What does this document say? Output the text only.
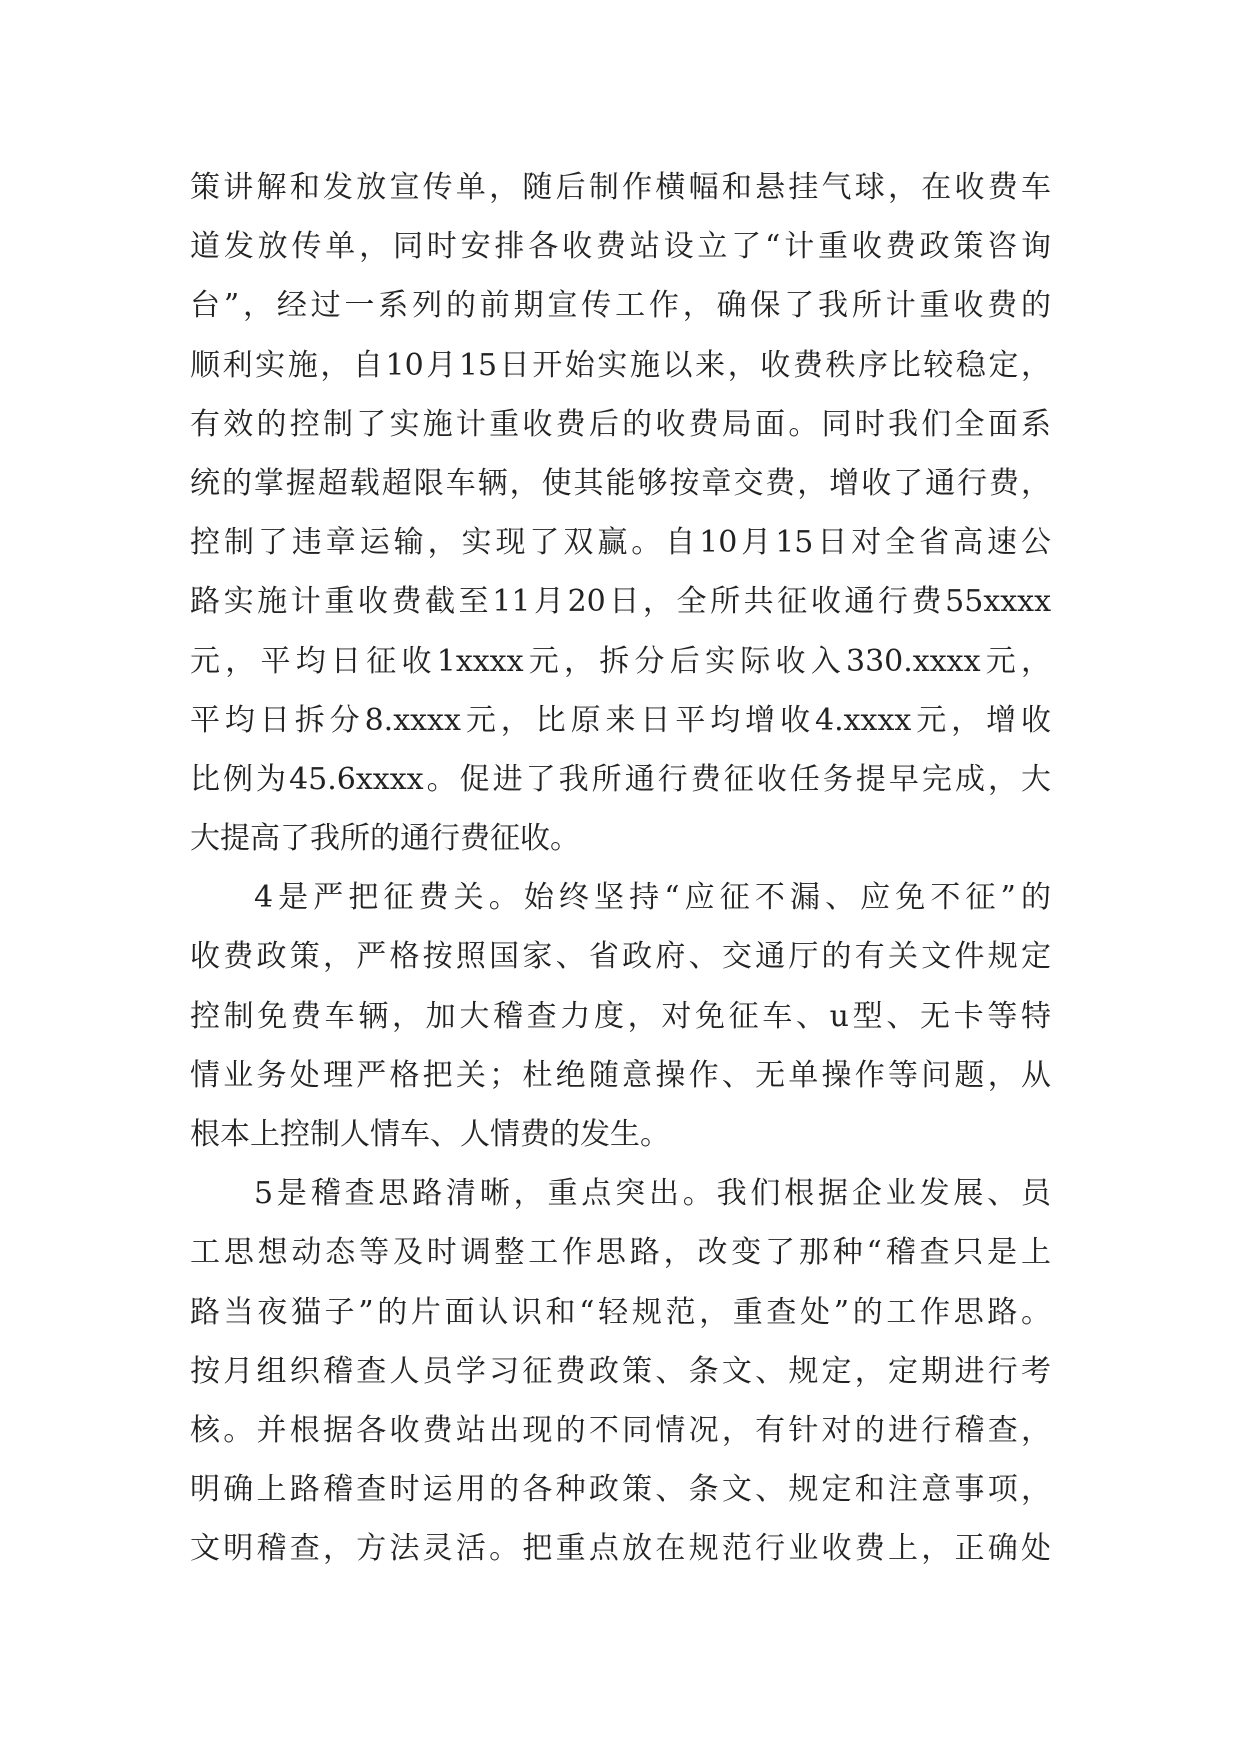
策讲解和发放宣传单，随后制作横幅和悬挂气球，在收费车
道发放传单，同时安排各收费站设立了“计重收费政策咨询
台”，经过一系列的前期宣传工作，确保了我所计重收费的
顺利实施，自10月15日开始实施以来，收费秩序比较稳定，
有效的控制了实施计重收费后的收费局面。同时我们全面系
统的掌握超载超限车辆，使其能够按章交费，增收了通行费，
控制了违章运输，实现了双赢。自10月15日对全省高速公
路实施计重收费截至11月20日，全所共征收通行费55xxxx
元，平均日征收1xxxx元，拆分后实际收入330.xxxx元，
平均日拆分8.xxxx元，比原来日平均增收4.xxxx元，增收
比例为45.6xxxx。促进了我所通行费征收任务提早完成，大
大提高了我所的通行费征收。
4是严把征费关。始终坚持“应征不漏、应免不征”的
收费政策，严格按照国家、省政府、交通厅的有关文件规定
控制免费车辆，加大稽查力度，对免征车、u型、无卡等特
情业务处理严格把关；杜绝随意操作、无单操作等问题，从
根本上控制人情车、人情费的发生。
5是稽查思路清晰，重点突出。我们根据企业发展、员
工思想动态等及时调整工作思路，改变了那种“稽查只是上
路当夜猫子”的片面认识和“轻规范，重查处”的工作思路。
按月组织稽查人员学习征费政策、条文、规定，定期进行考
核。并根据各收费站出现的不同情况，有针对的进行稽查，
明确上路稽查时运用的各种政策、条文、规定和注意事项，
文明稽查，方法灵活。把重点放在规范行业收费上，正确处
